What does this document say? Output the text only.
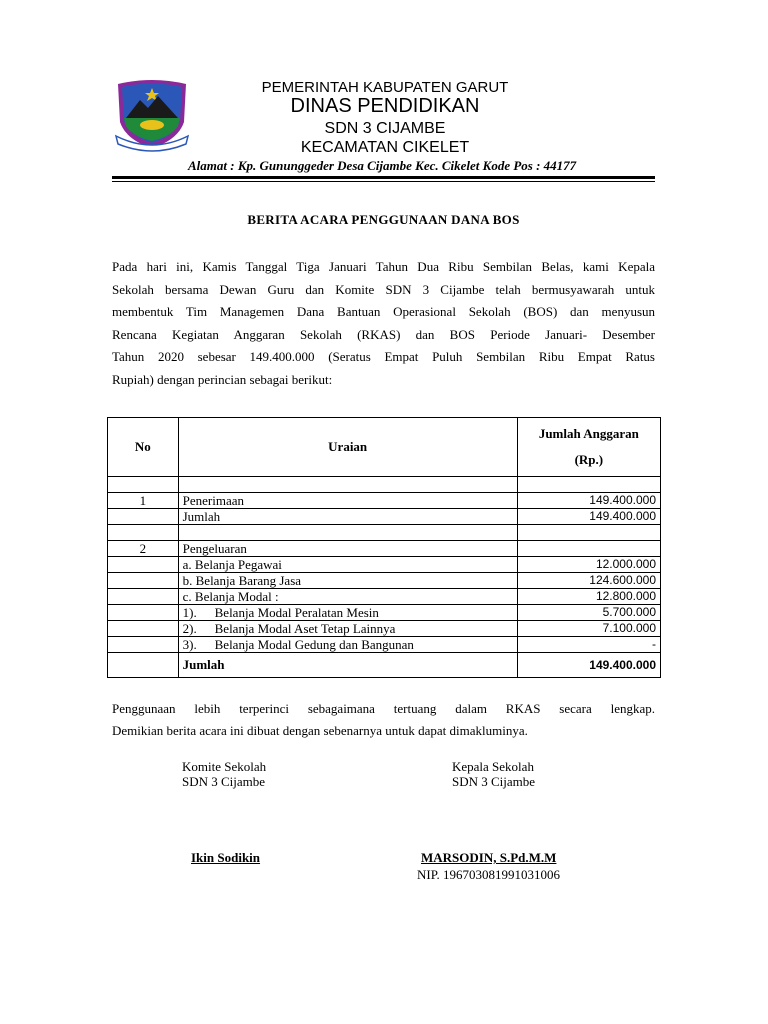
PEMERINTAH KABUPATEN GARUT
DINAS PENDIDIKAN
SDN 3 CIJAMBE
KECAMATAN CIKELET
Alamat : Kp. Gunungged​er Desa Cijambe Kec. Cikelet Kode Pos : 44177
BERITA ACARA PENGGUNAAN DANA BOS
Pada hari ini, Kamis Tanggal Tiga Januari Tahun Dua Ribu Sembilan Belas, kami Kepala
Sekolah bersama Dewan Guru dan Komite SDN 3 Cijambe telah bermusyawarah untuk
membentuk Tim Managemen Dana Bantuan Operasional Sekolah (BOS) dan menyusun
Rencana Kegiatan Anggaran Sekolah (RKAS) dan BOS Periode Januari- Desember
Tahun 2020 sebesar 149.400.000 (Seratus Empat Puluh Sembilan Ribu Empat Ratus
Rupiah) dengan perincian sebagai berikut:
No	Uraian	Jumlah Anggaran
(Rp.)

1	Penerimaan	149.400.000
	Jumlah	149.400.000

2	Pengeluaran	
	a. Belanja Pegawai	12.000.000
	b. Belanja Barang Jasa	124.600.000
	c. Belanja Modal :	12.800.000
	1). Belanja Modal Peralatan Mesin	5.700.000
	2). Belanja Modal Aset Tetap Lainnya	7.100.000
	3). Belanja Modal Gedung dan Bangunan	-
	Jumlah	149.400.000
Penggunaan lebih terperinci sebagaimana tertuang dalam RKAS secara lengkap.
Demikian berita acara ini dibuat dengan sebenarnya untuk dapat dimakluminya.
Komite Sekolah
SDN 3 Cijambe
Kepala Sekolah
SDN 3 Cijambe
Ikin Sodikin	MARSODIN, S.Pd.M.M
NIP. 196703081991031006
